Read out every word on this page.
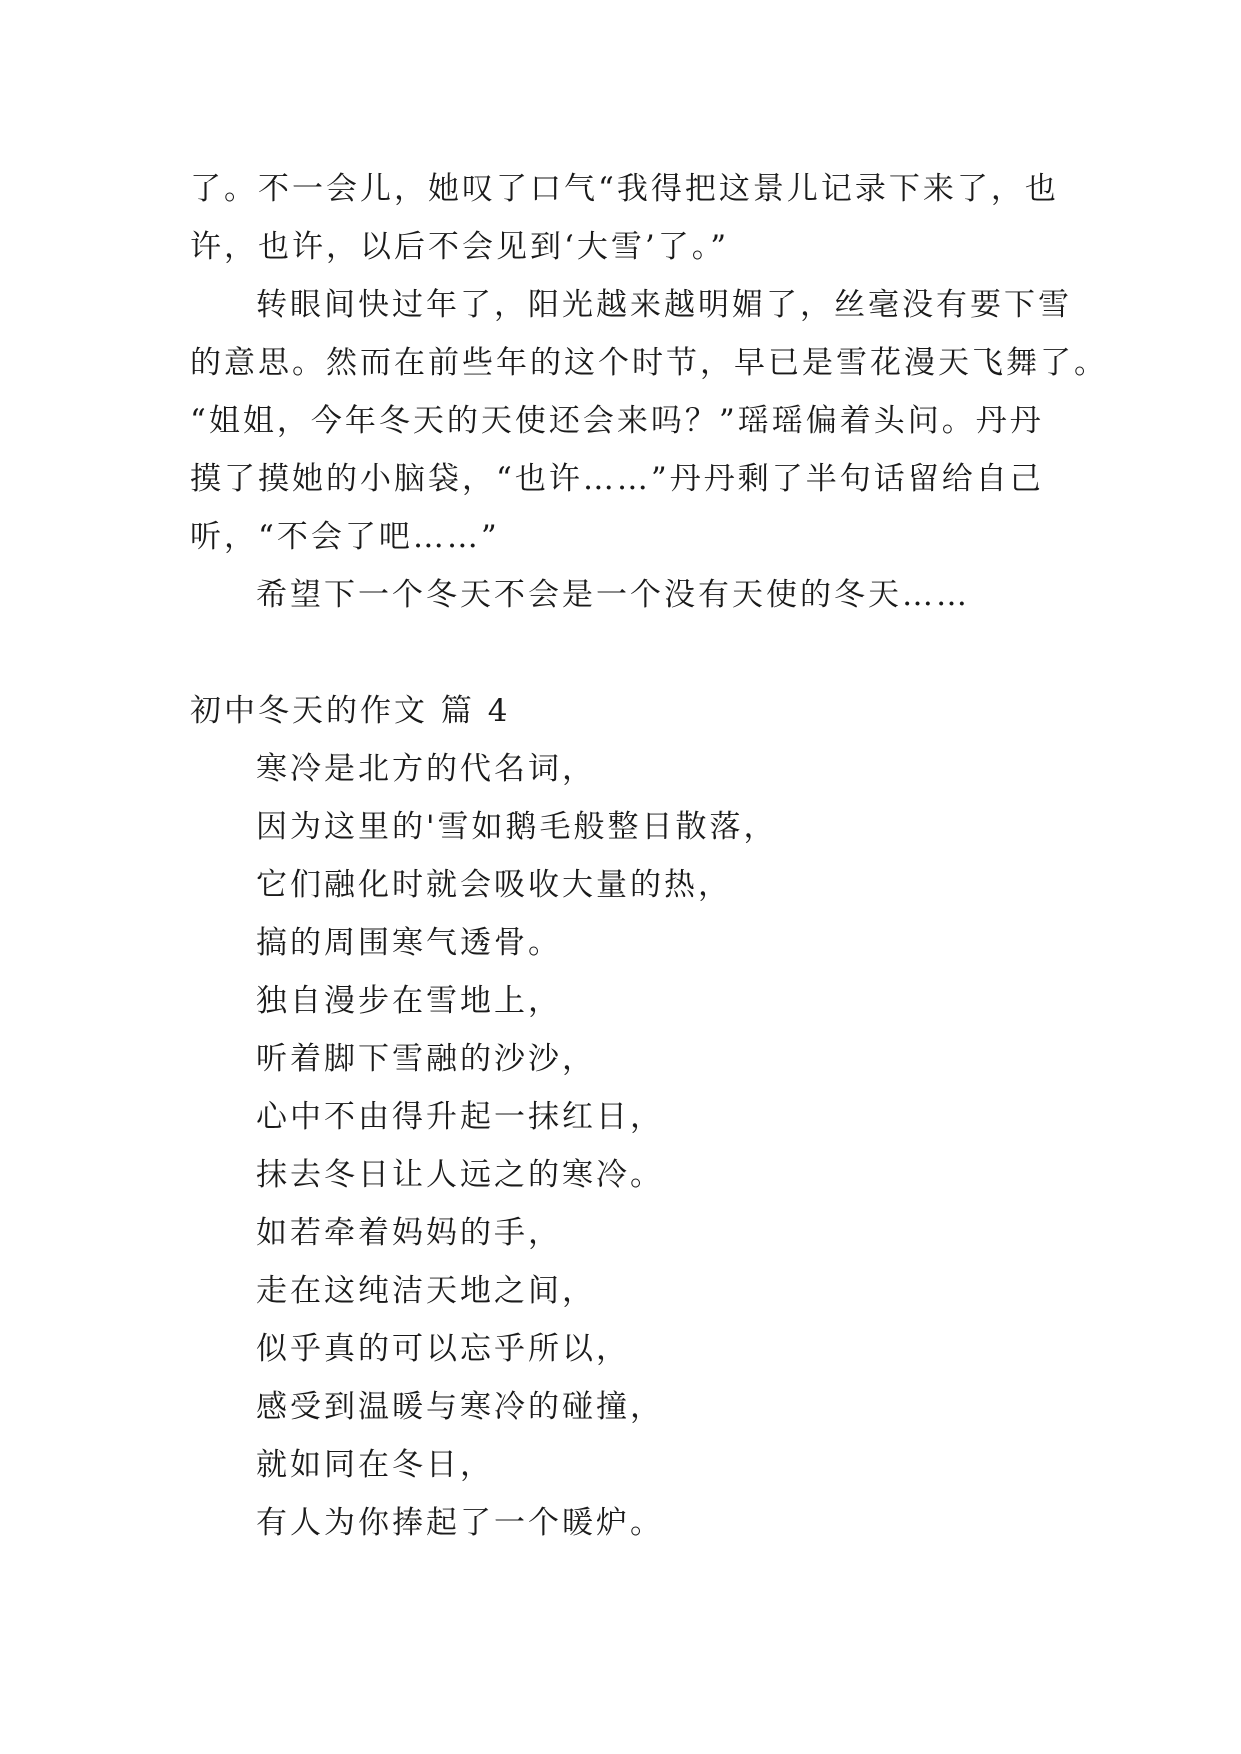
了。不一会儿，她叹了口气“我得把这景儿记录下来了，也
许，也许，以后不会见到‘大雪’了。”
转眼间快过年了，阳光越来越明媚了，丝毫没有要下雪
的意思。然而在前些年的这个时节，早已是雪花漫天飞舞了。
“姐姐，今年冬天的天使还会来吗？”瑶瑶偏着头问。丹丹
摸了摸她的小脑袋，“也许……”丹丹剩了半句话留给自己
听，“不会了吧……”
希望下一个冬天不会是一个没有天使的冬天……
初中冬天的作文 篇 4
寒冷是北方的代名词，
因为这里的'雪如鹅毛般整日散落，
它们融化时就会吸收大量的热，
搞的周围寒气透骨。
独自漫步在雪地上，
听着脚下雪融的沙沙，
心中不由得升起一抹红日，
抹去冬日让人远之的寒冷。
如若牵着妈妈的手，
走在这纯洁天地之间，
似乎真的可以忘乎所以，
感受到温暖与寒冷的碰撞，
就如同在冬日，
有人为你捧起了一个暖炉。
